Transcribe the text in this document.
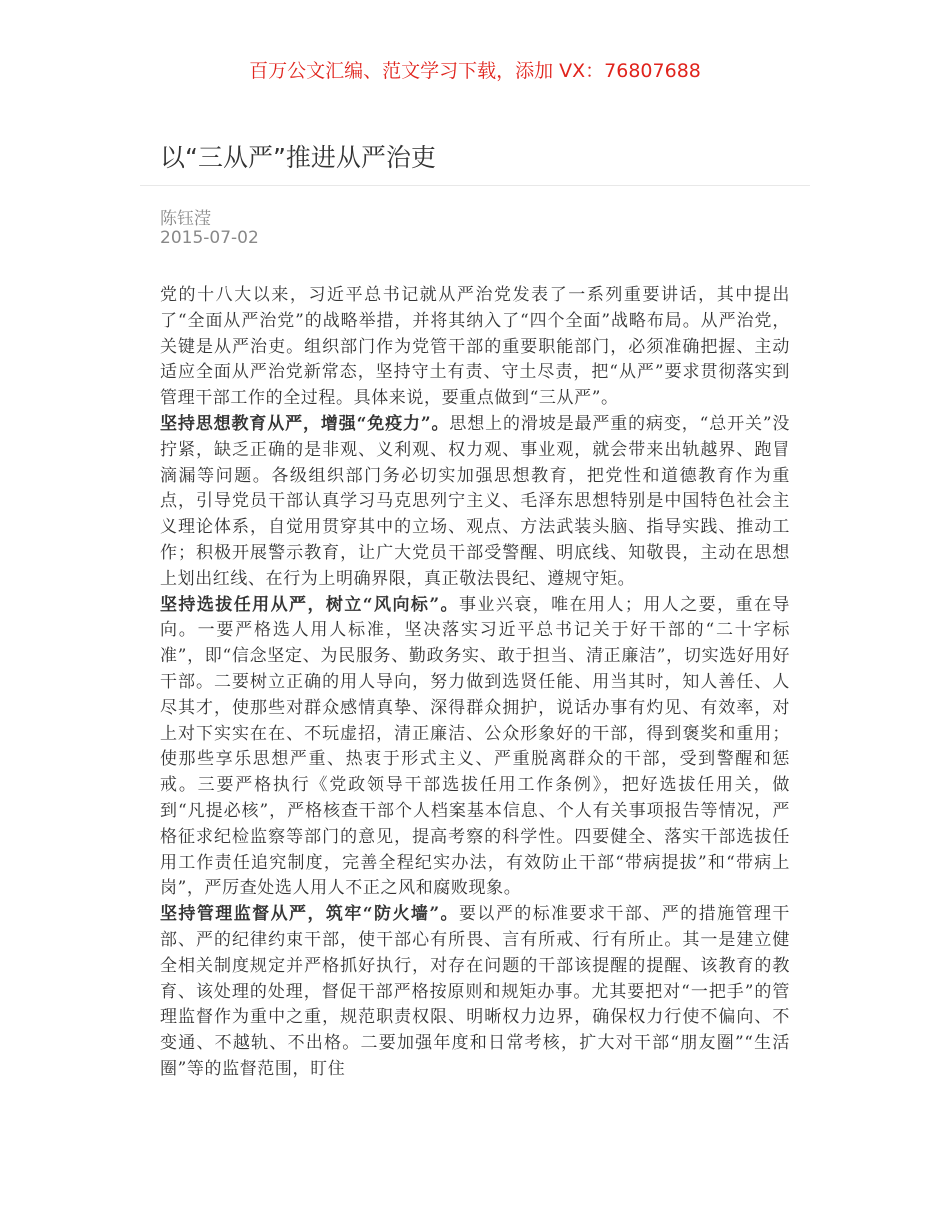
百万公文汇编、范文学习下载，添加 VX：76807688
以“三从严”推进从严治吏
陈钰滢
2015-07-02

党的十八大以来，习近平总书记就从严治党发表了一系列重要讲话，其中提出了“全面从严治党”的战略举措，并将其纳入了“四个全面”战略布局。从严治党，关键是从严治吏。组织部门作为党管干部的重要职能部门，必须准确把握、主动适应全面从严治党新常态，坚持守土有责、守土尽责，把“从严”要求贯彻落实到管理干部工作的全过程。具体来说，要重点做到“三从严”。

坚持思想教育从严，增强“免疫力”。思想上的滑坡是最严重的病变，“总开关”没拧紧，缺乏正确的是非观、义利观、权力观、事业观，就会带来出轨越界、跑冒滴漏等问题。各级组织部门务必切实加强思想教育，把党性和道德教育作为重点，引导党员干部认真学习马克思列宁主义、毛泽东思想特别是中国特色社会主义理论体系，自觉用贯穿其中的立场、观点、方法武装头脑、指导实践、推动工作；积极开展警示教育，让广大党员干部受警醒、明底线、知敬畏，主动在思想上划出红线、在行为上明确界限，真正敬法畏纪、遵规守矩。

坚持选拔任用从严，树立“风向标”。事业兴衰，唯在用人；用人之要，重在导向。一要严格选人用人标准，坚决落实习近平总书记关于好干部的“二十字标准”，即“信念坚定、为民服务、勤政务实、敢于担当、清正廉洁”，切实选好用好干部。二要树立正确的用人导向，努力做到选贤任能、用当其时，知人善任、人尽其才，使那些对群众感情真挚、深得群众拥护，说话办事有灼见、有效率，对上对下实实在在、不玩虚招，清正廉洁、公众形象好的干部，得到褒奖和重用；使那些享乐思想严重、热衷于形式主义、严重脱离群众的干部，受到警醒和惩戒。三要严格执行《党政领导干部选拔任用工作条例》，把好选拔任用关，做到“凡提必核”，严格核查干部个人档案基本信息、个人有关事项报告等情况，严格征求纪检监察等部门的意见，提高考察的科学性。四要健全、落实干部选拔任用工作责任追究制度，完善全程纪实办法，有效防止干部“带病提拔”和“带病上岗”，严厉查处选人用人不正之风和腐败现象。

坚持管理监督从严，筑牢“防火墙”。要以严的标准要求干部、严的措施管理干部、严的纪律约束干部，使干部心有所畏、言有所戒、行有所止。其一是建立健全相关制度规定并严格抓好执行，对存在问题的干部该提醒的提醒、该教育的教育、该处理的处理，督促干部严格按原则和规矩办事。尤其要把对“一把手”的管理监督作为重中之重，规范职责权限、明晰权力边界，确保权力行使不偏向、不变通、不越轨、不出格。二要加强年度和日常考核，扩大对干部“朋友圈”“生活圈”等的监督范围，盯住
